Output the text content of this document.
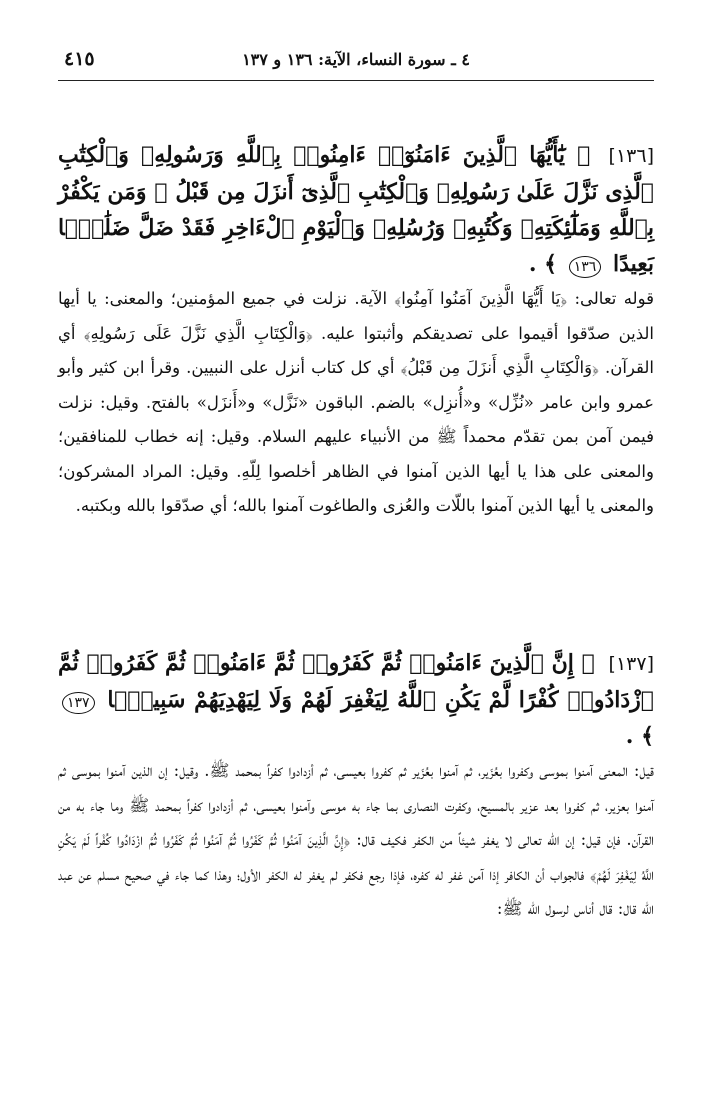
٤١٥	٤ ـ سورة النساء، الآية: ١٣٦ و ١٣٧
[١٣٦] ﴿ يَٰٓأَيُّهَا ٱلَّذِينَ ءَامَنُوٓا۟ ءَامِنُوا۟ بِٱللَّهِ وَرَسُولِهِۦ وَٱلْكِتَٰبِ ٱلَّذِى نَزَّلَ عَلَىٰ رَسُولِهِۦ وَٱلْكِتَٰبِ ٱلَّذِىٓ أَنزَلَ مِن قَبْلُ ۚ وَمَن يَكْفُرْ بِٱللَّهِ وَمَلَٰٓئِكَتِهِۦ وَكُتُبِهِۦ وَرُسُلِهِۦ وَٱلْيَوْمِ ٱلْءَاخِرِ فَقَدْ ضَلَّ ضَلَٰلًۢا بَعِيدًا ١٣٦ ﴾ .

قوله تعالى: ﴿يَا أَيُّهَا الَّذِينَ آمَنُوا آمِنُوا﴾ الآية. نزلت في جميع المؤمنين؛ والمعنى: يا أيها الذين صدّقوا أقيموا على تصديقكم وأثبتوا عليه. ﴿وَالْكِتَابِ الَّذِي نَزَّلَ عَلَى رَسُولِهِ﴾ أي القرآن. ﴿وَالْكِتَابِ الَّذِي أَنزَلَ مِن قَبْلُ﴾ أي كل كتاب أنزل على النبيين. وقرأ ابن كثير وأبو عمرو وابن عامر «نُزِّل» و«أُنزِل» بالضم. الباقون «نَزَّل» و«أَنزَل» بالفتح. وقيل: نزلت فيمن آمن بمن تقدّم محمداً ﷺ من الأنبياء عليهم السلام. وقيل: إنه خطاب للمنافقين؛ والمعنى على هذا يا أيها الذين آمنوا في الظاهر أخلصوا لِلّهِ. وقيل: المراد المشركون؛ والمعنى يا أيها الذين آمنوا باللّات والعُزى والطاغوت آمنوا بالله؛ أي صدّقوا بالله وبكتبه.

[١٣٧] ﴿ إِنَّ ٱلَّذِينَ ءَامَنُوا۟ ثُمَّ كَفَرُوا۟ ثُمَّ ءَامَنُوا۟ ثُمَّ كَفَرُوا۟ ثُمَّ ٱزْدَادُوا۟ كُفْرًا لَّمْ يَكُنِ ٱللَّهُ لِيَغْفِرَ لَهُمْ وَلَا لِيَهْدِيَهُمْ سَبِيلًۢا ١٣٧ ﴾ .

قيل: المعنى آمنوا بموسى وكفروا بعُزَير، ثم آمنوا بعُزَير ثم كفروا بعيسى، ثم أزدادوا كفراً بمحمد ﷺ. وقيل: إن الذين آمنوا بموسى ثم آمنوا بعزير، ثم كفروا بعد عزير بالمسيح، وكفرت النصارى بما جاء به موسى وآمنوا بعيسى، ثم أزدادوا كفراً بمحمد ﷺ وما جاء به من القرآن. فإن قيل: إن الله تعالى لا يغفر شيئاً من الكفر فكيف قال: ﴿إِنَّ الَّذِينَ آمَنُوا ثُمَّ كَفَرُوا ثُمَّ آمَنُوا ثُمَّ كَفَرُوا ثُمَّ ازْدَادُوا كُفْراً لَمْ يَكُنِ اللَّهُ لِيَغْفِرَ لَهُمْ﴾ فالجواب أن الكافر إذا آمن غفر له كفره، فإذا رجع فكفر لم يغفر له الكفر الأول؛ وهذا كما جاء في صحيح مسلم عن عبد الله قال: قال أناس لرسول الله ﷺ:
